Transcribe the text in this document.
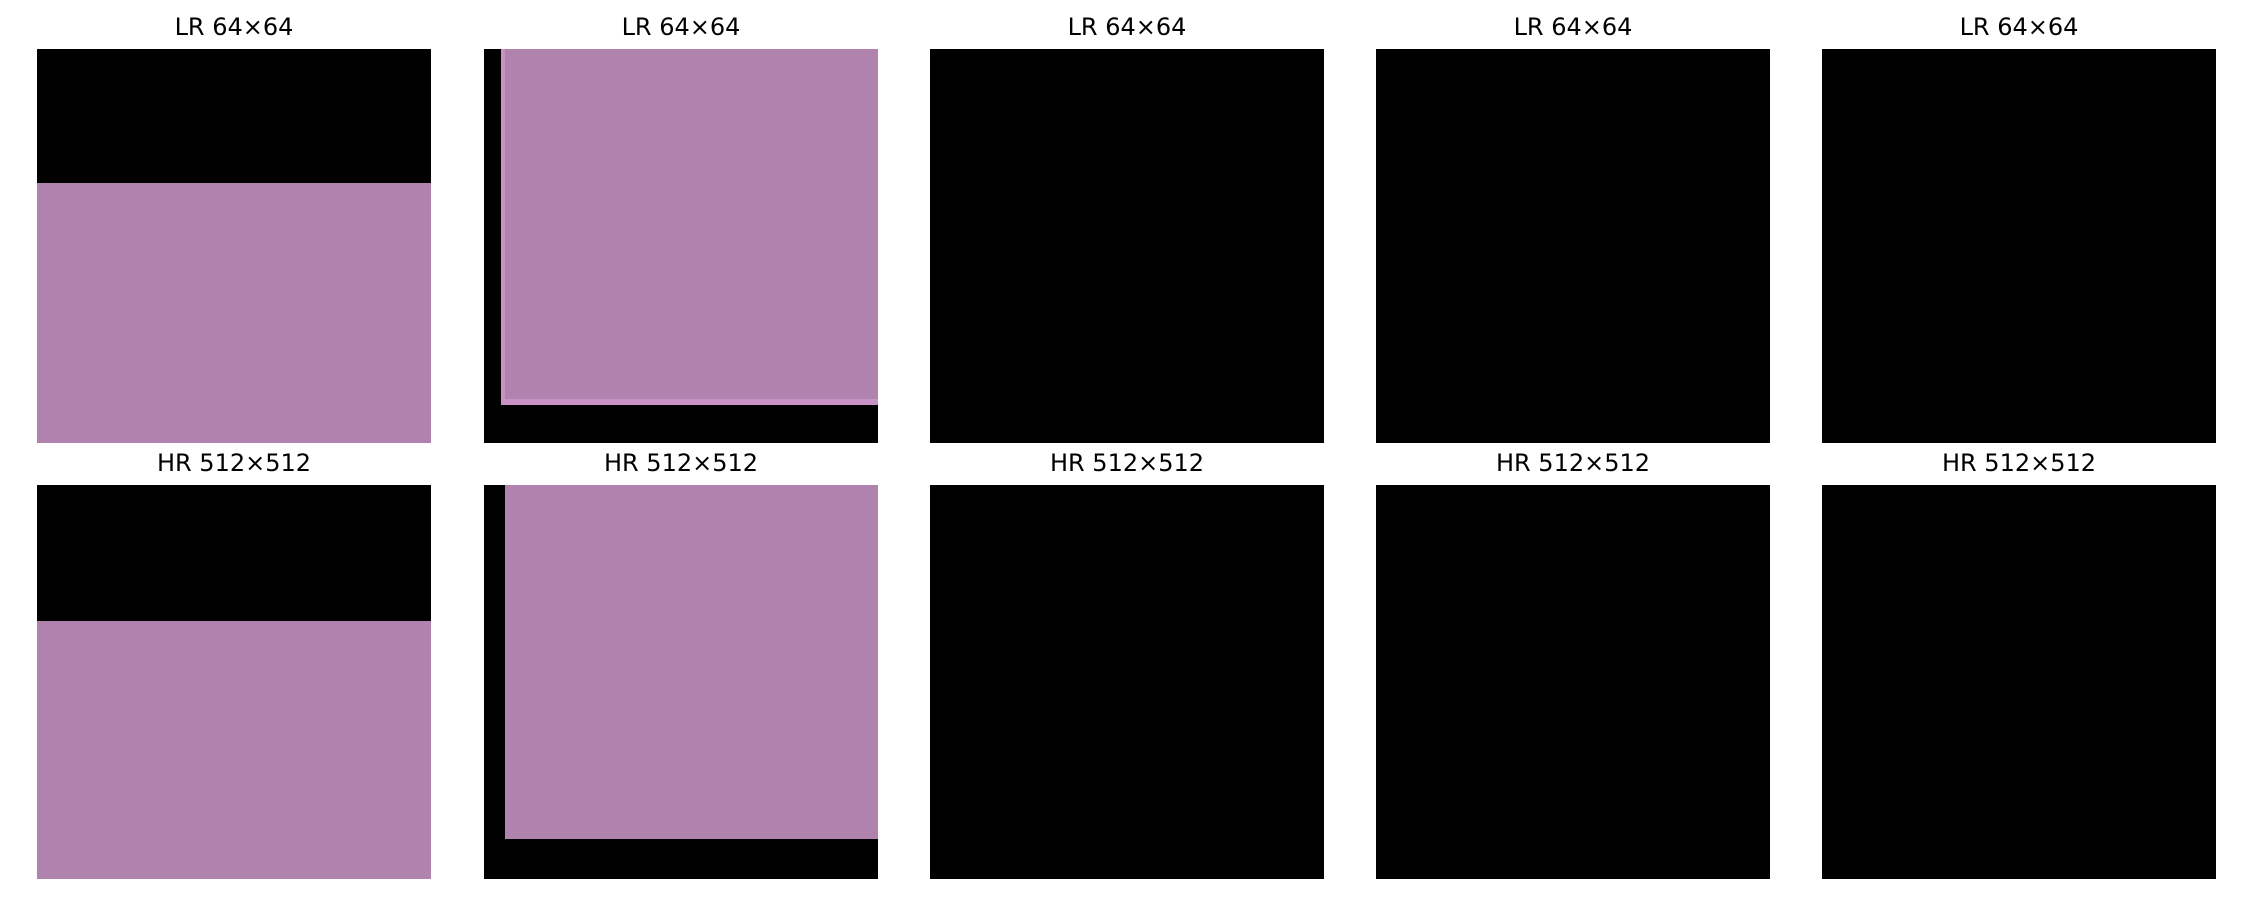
LR 64×64	LR 64×64	LR 64×64	LR 64×64	LR 64×64
HR 512×512	HR 512×512	HR 512×512	HR 512×512	HR 512×512
